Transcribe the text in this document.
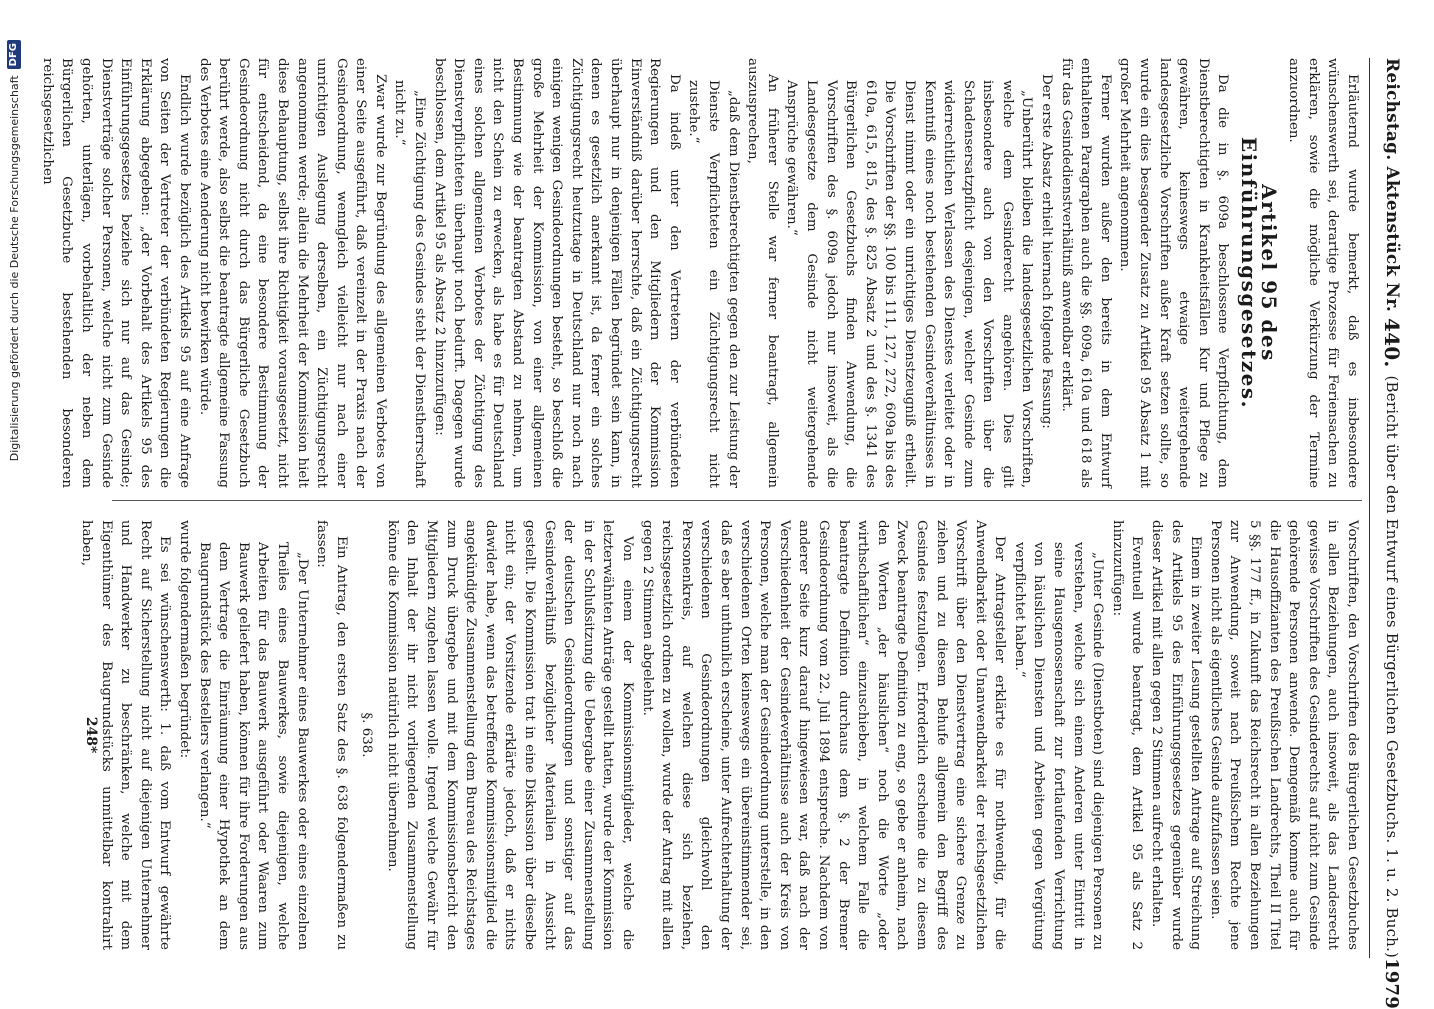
Reichstag. Aktenstück Nr.
440.
(Bericht über den Entwurf eines Bürgerlichen Gesetzbuchs. 1. u. 2. Buch.)
1979

Erläuternd wurde bemerkt, daß es insbesondere wünschenswerth sei, derartige Prozesse für Feriensachen zu erklären, sowie die mögliche Verkürzung der Termine anzuordnen.

Artikel 95 des Einführungsgesetzes.

Da die in §. 609a beschlossene Verpflichtung, dem Dienstberechtigten in Krankheitsfällen Kur und Pflege zu gewähren, keineswegs etwaige weitergehende landesgesetzliche Vorschriften außer Kraft setzen sollte, so wurde ein dies besagender Zusatz zu Artikel 95 Absatz 1 mit großer Mehrheit angenommen.

Ferner wurden außer den bereits in dem Entwurf enthaltenen Paragraphen auch die §§. 609a, 610a und 618 als für das Gesindedienstverhältniß anwendbar erklärt.

Der erste Absatz erhielt hiernach folgende Fassung:

„Unberührt bleiben die landesgesetzlichen Vorschriften, welche dem Gesinderecht angehören. Dies gilt insbesondere auch von den Vorschriften über die Schadensersatzpflicht desjenigen, welcher Gesinde zum widerrechtlichen Verlassen des Dienstes verleitet oder in Kenntniß eines noch bestehenden Gesindeverhältnisses in Dienst nimmt oder ein unrichtiges Dienstzeugniß ertheilt. Die Vorschriften der §§. 100 bis 111, 127, 272, 609a bis des 610a, 615, 815, des §. 825 Absatz 2 und des §. 1341 des Bürgerlichen Gesetzbuchs finden Anwendung, die Vorschriften des §. 609a jedoch nur insoweit, als die Landesgesetze dem Gesinde nicht weitergehende Ansprüche gewähren.“

An früherer Stelle war ferner beantragt, allgemein auszusprechen,

„daß dem Dienstberechtigten gegen den zur Leistung der Dienste Verpflichteten ein Züchtigungsrecht nicht zustehe.“

Da indeß unter den Vertretern der verbündeten Regierungen und den Mitgliedern der Kommission Einverständniß darüber herrschte, daß ein Züchtigungsrecht überhaupt nur in denjenigen Fällen begründet sein kann, in denen es gesetzlich anerkannt ist, da ferner ein solches Züchtigungsrecht heutzutage in Deutschland nur noch nach einigen wenigen Gesindeordnungen besteht, so beschloß die große Mehrheit der Kommission, von einer allgemeinen Bestimmung wie der beantragten Abstand zu nehmen, um nicht den Schein zu erwecken, als habe es für Deutschland eines solchen allgemeinen Verbotes der Züchtigung des Dienstverpflichteten überhaupt noch bedurft. Dagegen wurde beschlossen, dem Artikel 95 als Absatz 2 hinzuzufügen:

„Eine Züchtigung des Gesindes steht der Dienstherrschaft nicht zu.“

Zwar wurde zur Begründung des allgemeinen Verbotes von einer Seite ausgeführt, daß vereinzelt in der Praxis nach der Gesindeordnung, wenngleich vielleicht nur nach einer unrichtigen Auslegung derselben, ein Züchtigungsrecht angenommen werde; allein die Mehrheit der Kommission hielt diese Behauptung, selbst ihre Richtigkeit vorausgesetzt, nicht für entscheidend, da eine besondere Bestimmung der Gesindeordnung nicht durch das Bürgerliche Gesetzbuch berührt werde, also selbst die beantragte allgemeine Fassung des Verbotes eine Aenderung nicht bewirken würde.

Endlich wurde bezüglich des Artikels 95 auf eine Anfrage von Seiten der Vertreter der verbündeten Regierungen die Erklärung abgegeben: „der Vorbehalt des Artikels 95 des Einführungsgesetzes beziehe sich nur auf das Gesinde; Dienstverträge solcher Personen, welche nicht zum Gesinde gehörten, unterlägen, vorbehaltlich der neben dem Bürgerlichen Gesetzbuche bestehenden besonderen reichsgesetzlichen

Vorschriften, den Vorschriften des Bürgerlichen Gesetzbuches in allen Beziehungen, auch insoweit, als das Landesrecht gewisse Vorschriften des Gesinderechts auf nicht zum Gesinde gehörende Personen anwende. Demgemäß komme auch für die Hausoffizianten des Preußischen Landrechts, Theil II Titel 5 §§. 177 ff., in Zukunft das Reichsrecht in allen Beziehungen zur Anwendung, soweit nach Preußischem Rechte jene Personen nicht als eigentliches Gesinde aufzufassen seien.

Einem in zweiter Lesung gestellten Antrage auf Streichung des Artikels 95 des Einführungsgesetzes gegenüber wurde dieser Artikel mit allen gegen 2 Stimmen aufrecht erhalten.

Eventuell wurde beantragt, dem Artikel 95 als Satz 2 hinzuzufügen:

„Unter Gesinde (Dienstboten) sind diejenigen Personen zu verstehen, welche sich einem Anderen unter Eintritt in seine Hausgenossenschaft zur fortlaufenden Verrichtung von häuslichen Diensten und Arbeiten gegen Vergütung verpflichtet haben.“

Der Antragsteller erklärte es für nothwendig, für die Anwendbarkeit oder Unanwendbarkeit der reichsgesetzlichen Vorschrift über den Dienstvertrag eine sichere Grenze zu ziehen und zu diesem Behufe allgemein den Begriff des Gesindes festzulegen. Erforderlich erscheine die zu diesem Zweck beantragte Definition zu eng, so gebe er anheim, nach den Worten „der häuslichen“ noch die Worte „oder wirthschaftlichen“ einzuschieben, in welchem Falle die beantragte Definition durchaus dem §. 2 der Bremer Gesindeordnung vom 22. Juli 1894 entspreche. Nachdem von anderer Seite kurz darauf hingewiesen war, daß nach der Verschiedenheit der Gesindeverhältnisse auch der Kreis von Personen, welche man der Gesindeordnung unterstelle, in den verschiedenen Orten keineswegs ein übereinstimmender sei, daß es aber unthunlich erscheine, unter Aufrechterhaltung der verschiedenen Gesindeordnungen gleichwohl den Personenkreis, auf welchen diese sich beziehen, reichsgesetzlich ordnen zu wollen, wurde der Antrag mit allen gegen 2 Stimmen abgelehnt.

Von einem der Kommissionsmitglieder, welche die letzterwähnten Anträge gestellt hatten, wurde der Kommission in der Schlußsitzung die Uebergabe einer Zusammenstellung der deutschen Gesindeordnungen und sonstiger auf das Gesindeverhältniß bezüglicher Materialien in Aussicht gestellt. Die Kommission trat in eine Diskussion über dieselbe nicht ein; der Vorsitzende erklärte jedoch, daß er nichts dawider habe, wenn das betreffende Kommissionsmitglied die angekündigte Zusammenstellung dem Bureau des Reichstages zum Druck übergebe und mit dem Kommissionsbericht den Mitgliedern zugehen lassen wolle. Irgend welche Gewähr für den Inhalt der ihr nicht vorliegenden Zusammenstellung könne die Kommission natürlich nicht übernehmen.

§. 638.

Ein Antrag, den ersten Satz des §. 638 folgendermaßen zu fassen:

„Der Unternehmer eines Bauwerkes oder eines einzelnen Theiles eines Bauwerkes, sowie diejenigen, welche Arbeiten für das Bauwerk ausgeführt oder Waaren zum Bauwerk geliefert haben, können für ihre Forderungen aus dem Vertrage die Einräumung einer Hypothek an dem Baugrundstück des Bestellers verlangen.“

wurde folgendermaßen begründet:

Es sei wünschenswerth: 1. daß vom Entwurf gewährte Recht auf Sicherstellung nicht auf diejenigen Unternehmer und Handwerker zu beschränken, welche mit dem Eigenthümer des Baugrundstücks unmittelbar kontrahirt haben,

248*
Digitalisierung gefördert durch die Deutsche Forschungsgemeinschaft
DFG
